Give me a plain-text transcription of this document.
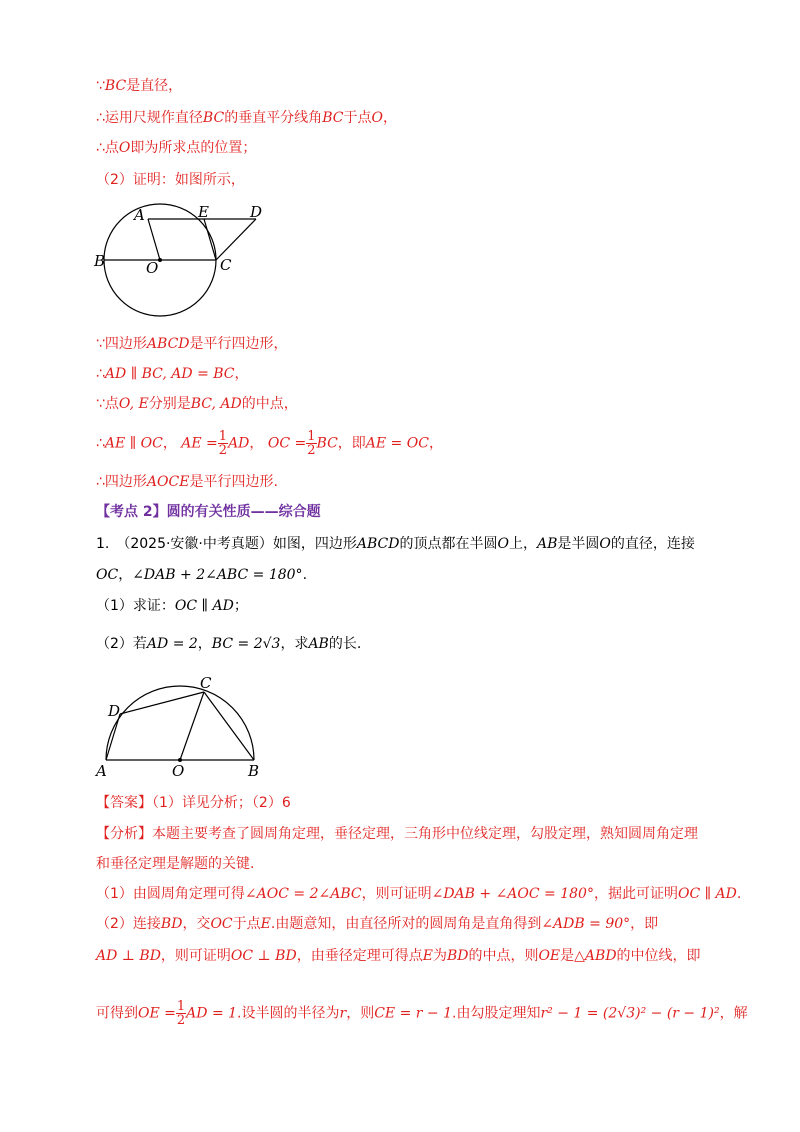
∵BC是直径，
∴运用尺规作直径BC的垂直平分线角BC于点O，
∴点O即为所求点的位置；
（2）证明：如图所示，
A	E	D
B	O	C
∵四边形ABCD是平行四边形，
∴AD ∥ BC, AD = BC，
∵点O, E分别是BC, AD的中点，
∴AE ∥ OC， AE = $\frac{1}{2}$ AD， OC = $\frac{1}{2}$ BC，即AE = OC，
∴四边形AOCE是平行四边形.
【考点 2】圆的有关性质——综合题
1.　（2025·安徽·中考真题）如图，四边形ABCD的顶点都在半圆O上，AB是半圆O的直径，连接
OC，∠DAB + 2∠ABC = 180°.
（1）求证：OC ∥ AD；
（2）若AD = 2，BC = 2√3，求AB的长.
C
D
A	O	B
【答案】（1）详见分析；（2）6
【分析】本题主要考查了圆周角定理，垂径定理，三角形中位线定理，勾股定理，熟知圆周角定理
和垂径定理是解题的关键.
（1）由圆周角定理可得∠AOC = 2∠ABC，则可证明∠DAB + ∠AOC = 180°，据此可证明OC ∥ AD.
（2）连接BD，交OC于点E.由题意知，由直径所对的圆周角是直角得到∠ADB = 90°，即
AD ⊥ BD，则可证明OC ⊥ BD，由垂径定理可得点E为BD的中点，则OE是△ABD的中位线，即
可得到OE = $\frac{1}{2}$ AD = 1.设半圆的半径为r，则CE = r − 1.由勾股定理知r² − 1 = (2√3)² − (r − 1)²，解
